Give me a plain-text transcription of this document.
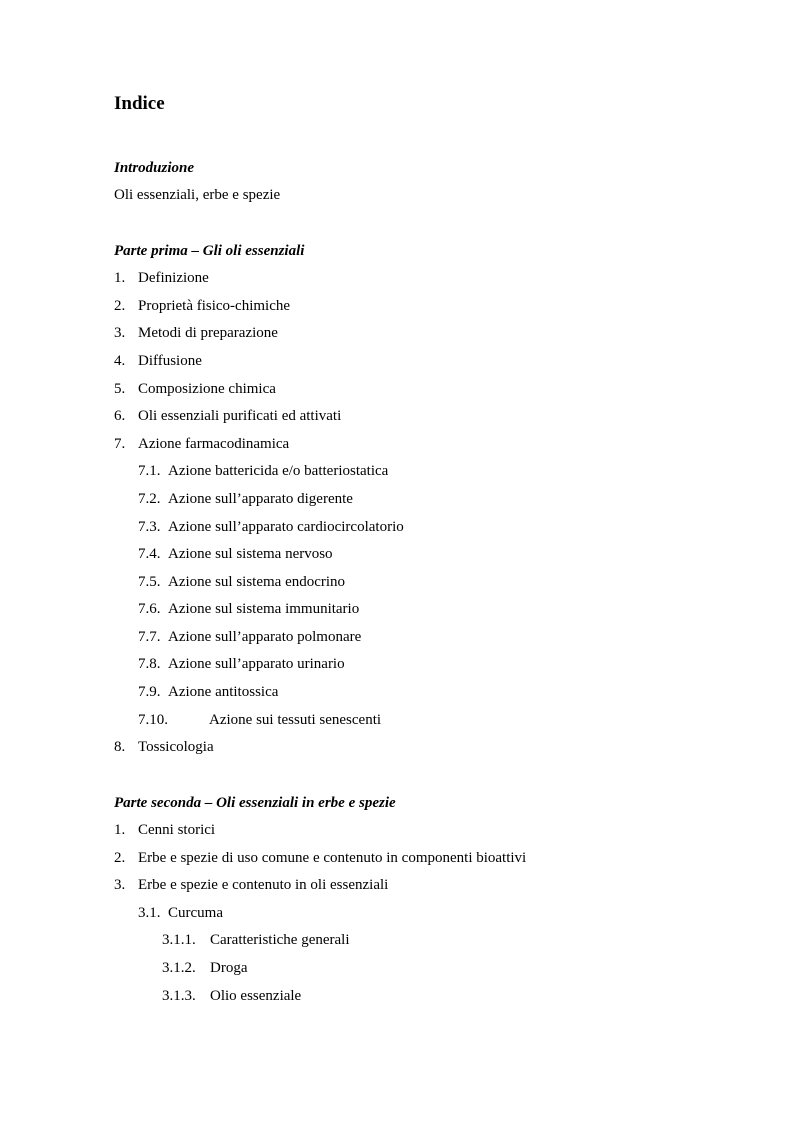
Indice
Introduzione
Oli essenziali, erbe e spezie
Parte prima – Gli oli essenziali
1. Definizione
2. Proprietà fisico-chimiche
3. Metodi di preparazione
4. Diffusione
5. Composizione chimica
6. Oli essenziali purificati ed attivati
7. Azione farmacodinamica
7.1. Azione battericida e/o batteriostatica
7.2. Azione sull’apparato digerente
7.3. Azione sull’apparato cardiocircolatorio
7.4. Azione sul sistema nervoso
7.5. Azione sul sistema endocrino
7.6. Azione sul sistema immunitario
7.7. Azione sull’apparato polmonare
7.8. Azione sull’apparato urinario
7.9. Azione antitossica
7.10.	Azione sui tessuti senescenti
8. Tossicologia
Parte seconda – Oli essenziali in erbe e spezie
1. Cenni storici
2. Erbe e spezie di uso comune e contenuto in componenti bioattivi
3. Erbe e spezie e contenuto in oli essenziali
3.1. Curcuma
3.1.1. Caratteristiche generali
3.1.2. Droga
3.1.3. Olio essenziale
